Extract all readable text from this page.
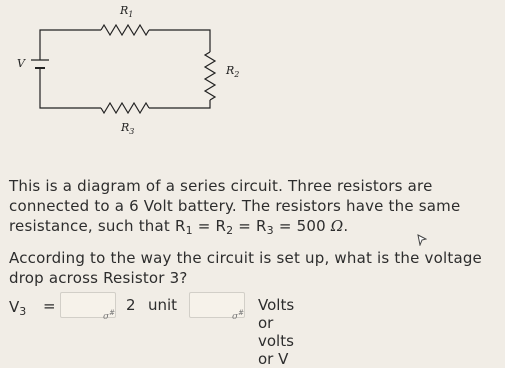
V
$R_1$
$R_2$
$R_3$

This is a diagram of a series circuit. Three resistors are connected to a 6 Volt battery. The resistors have the same resistance, such that $R_1 = R_2 = R_3 = 500$ Ω.

According to the way the circuit is set up, what is the voltage drop across Resistor 3?

$V_3$ =
σ# 2 unit
σ# Volts or volts or V
